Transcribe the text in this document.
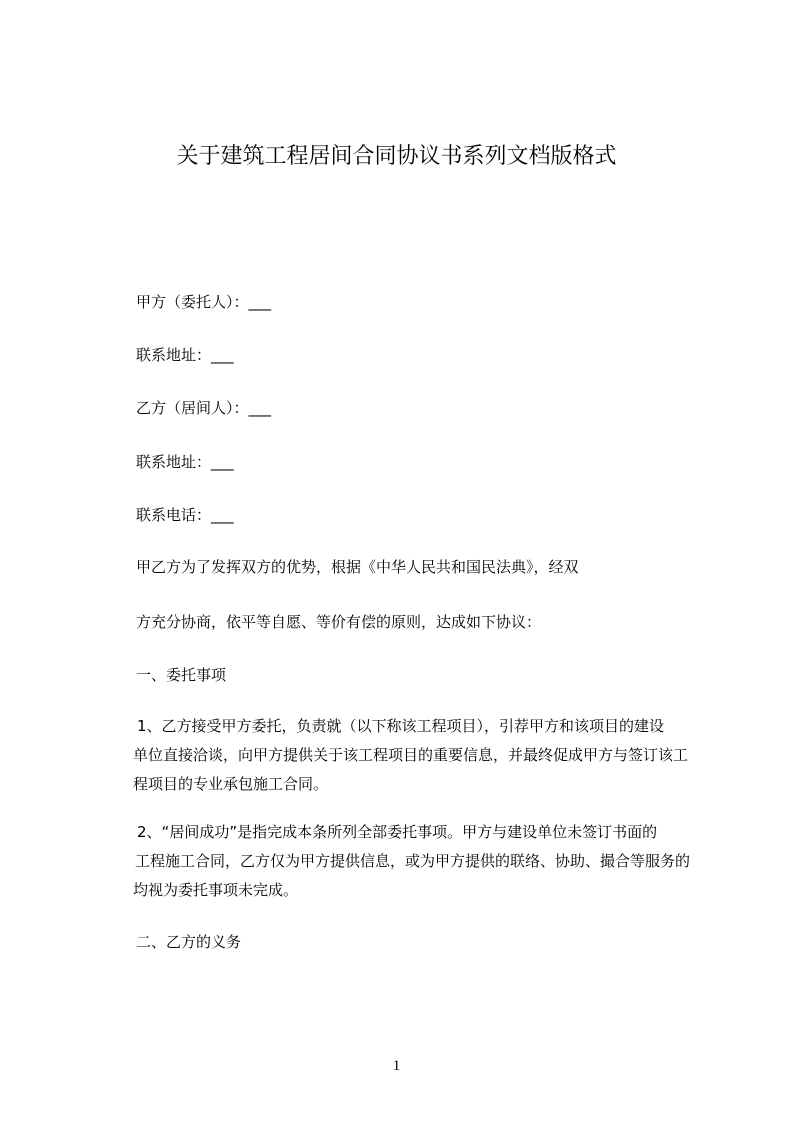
关于建筑工程居间合同协议书系列文档版格式
甲方（委托人）：___
联系地址：___
乙方（居间人）：___
联系地址：___
联系电话：___
甲乙方为了发挥双方的优势，根据《中华人民共和国民法典》，经双
方充分协商，依平等自愿、等价有偿的原则，达成如下协议：
一、委托事项
1、乙方接受甲方委托，负责就（以下称该工程项目），引荐甲方和该项目的建设
单位直接洽谈，向甲方提供关于该工程项目的重要信息，并最终促成甲方与签订该工
程项目的专业承包施工合同。
2、“居间成功”是指完成本条所列全部委托事项。甲方与建设单位未签订书面的
工程施工合同，乙方仅为甲方提供信息，或为甲方提供的联络、协助、撮合等服务的
均视为委托事项未完成。
二、乙方的义务
1
